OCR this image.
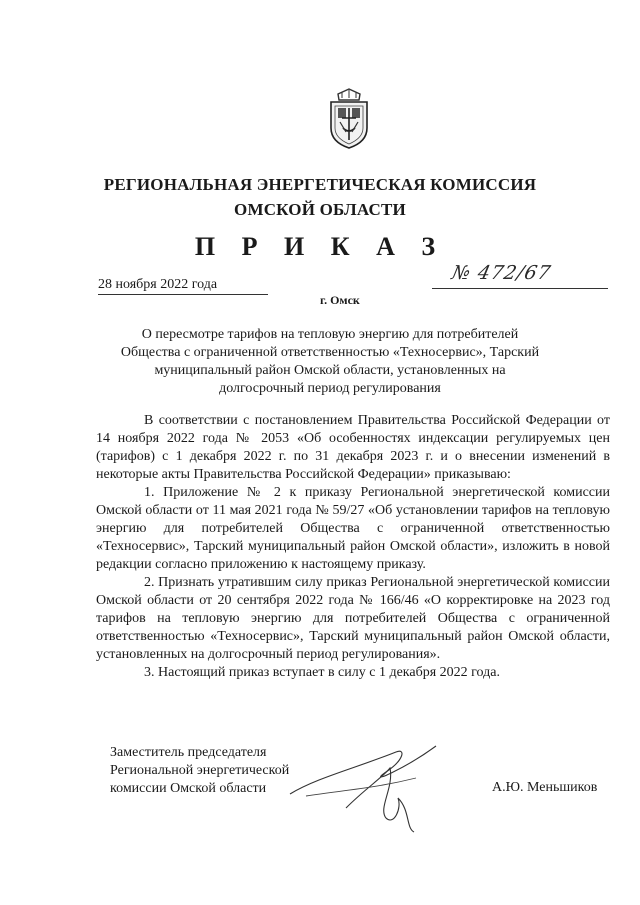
РЕГИОНАЛЬНАЯ ЭНЕРГЕТИЧЕСКАЯ КОМИССИЯ
ОМСКОЙ ОБЛАСТИ
П Р И К А З
28 ноября 2022 года
№ 472/67
г. Омск
О пересмотре тарифов на тепловую энергию для потребителей
Общества с ограниченной ответственностью «Техносервис», Тарский
муниципальный район Омской области, установленных на
долгосрочный период регулирования

В соответствии с постановлением Правительства Российской Федерации от 14 ноября 2022 года № 2053 «Об особенностях индексации регулируемых цен (тарифов) с 1 декабря 2022 г. по 31 декабря 2023 г. и о внесении изменений в некоторые акты Правительства Российской Федерации» приказываю:

1. Приложение № 2 к приказу Региональной энергетической комиссии Омской области от 11 мая 2021 года № 59/27 «Об установлении тарифов на тепловую энергию для потребителей Общества с ограниченной ответственностью «Техносервис», Тарский муниципальный район Омской области», изложить в новой редакции согласно приложению к настоящему приказу.

2. Признать утратившим силу приказ Региональной энергетической комиссии Омской области от 20 сентября 2022 года № 166/46 «О корректировке на 2023 год тарифов на тепловую энергию для потребителей Общества с ограниченной ответственностью «Техносервис», Тарский муниципальный район Омской области, установленных на долгосрочный период регулирования».

3. Настоящий приказ вступает в силу с 1 декабря 2022 года.

Заместитель председателя
Региональной энергетической
комиссии Омской области	А.Ю. Меньшиков
